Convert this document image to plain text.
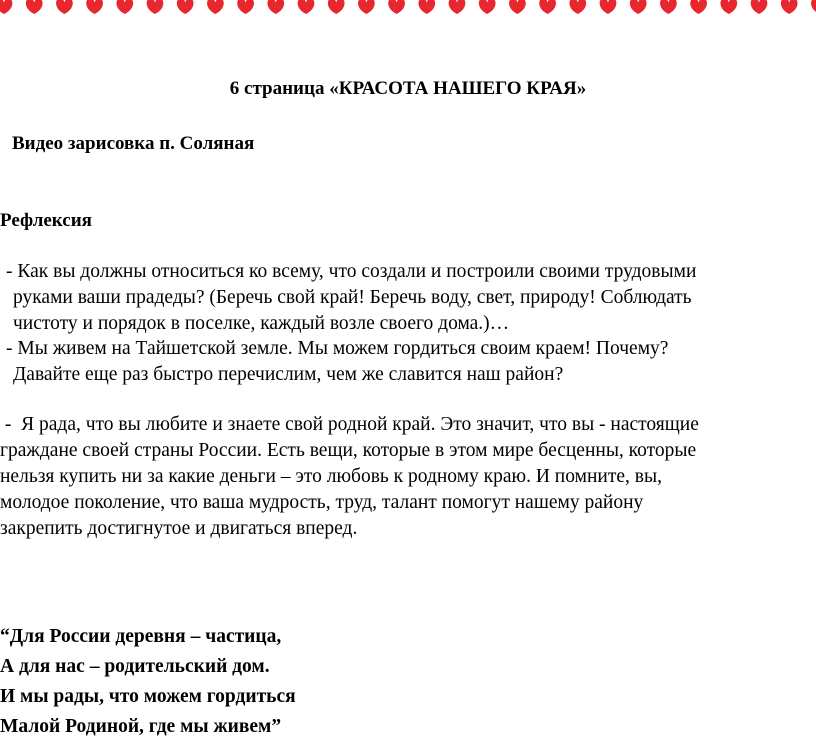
6 страница «КРАСОТА НАШЕГО КРАЯ»
Видео зарисовка п. Соляная
Рефлексия
- Как вы должны относиться ко всему, что создали и построили своими трудовыми
руками ваши прадеды? (Беречь свой край! Беречь воду, свет, природу! Соблюдать
чистоту и порядок в поселке, каждый возле своего дома.)…
- Мы живем на Тайшетской земле. Мы можем гордиться своим краем! Почему?
Давайте еще раз быстро перечислим, чем же славится наш район?
-  Я рада, что вы любите и знаете свой родной край. Это значит, что вы - настоящие
граждане своей страны России. Есть вещи, которые в этом мире бесценны, которые
нельзя купить ни за какие деньги – это любовь к родному краю. И помните, вы,
молодое поколение, что ваша мудрость, труд, талант помогут нашему району
закрепить достигнутое и двигаться вперед.
“Для России деревня – частица,
А для нас – родительский дом.
И мы рады, что можем гордиться
Малой Родиной, где мы живем”
